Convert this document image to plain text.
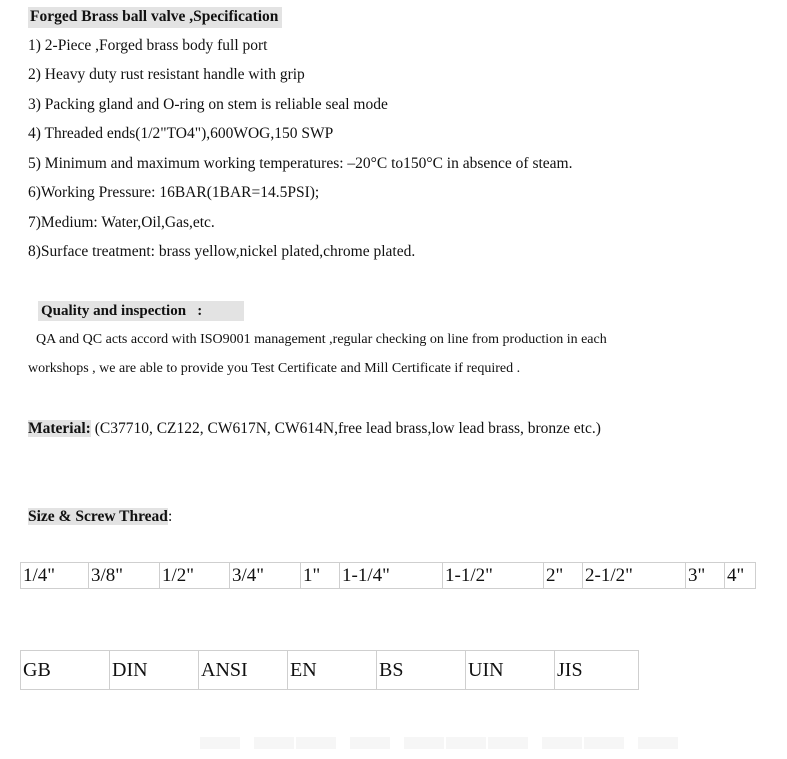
Forged Brass ball valve ,Specification
1) 2-Piece ,Forged brass body full port
2) Heavy duty rust resistant handle with grip
3) Packing gland and O-ring on stem is reliable seal mode
4) Threaded ends(1/2"TO4"),600WOG,150 SWP
5) Minimum and maximum working temperatures: –20°C to150°C in absence of steam.
6)Working Pressure: 16BAR(1BAR=14.5PSI);
7)Medium: Water,Oil,Gas,etc.
8)Surface treatment: brass yellow,nickel plated,chrome plated.
Quality and inspection   :
QA and QC acts accord with ISO9001 management ,regular checking on line from production in each
workshops , we are able to provide you Test Certificate and Mill Certificate if required .
Material: (C37710, CZ122, CW617N, CW614N,free lead brass,low lead brass, bronze etc.)
Size & Screw Thread:
1/4"	3/8"	1/2"	3/4"	1"	1-1/4"	1-1/2"	2"	2-1/2"	3"	4"
GB	DIN	ANSI	EN	BS	UIN	JIS
▬ ▬▬ ▬ ▬▬▬ ▬▬ ▬
